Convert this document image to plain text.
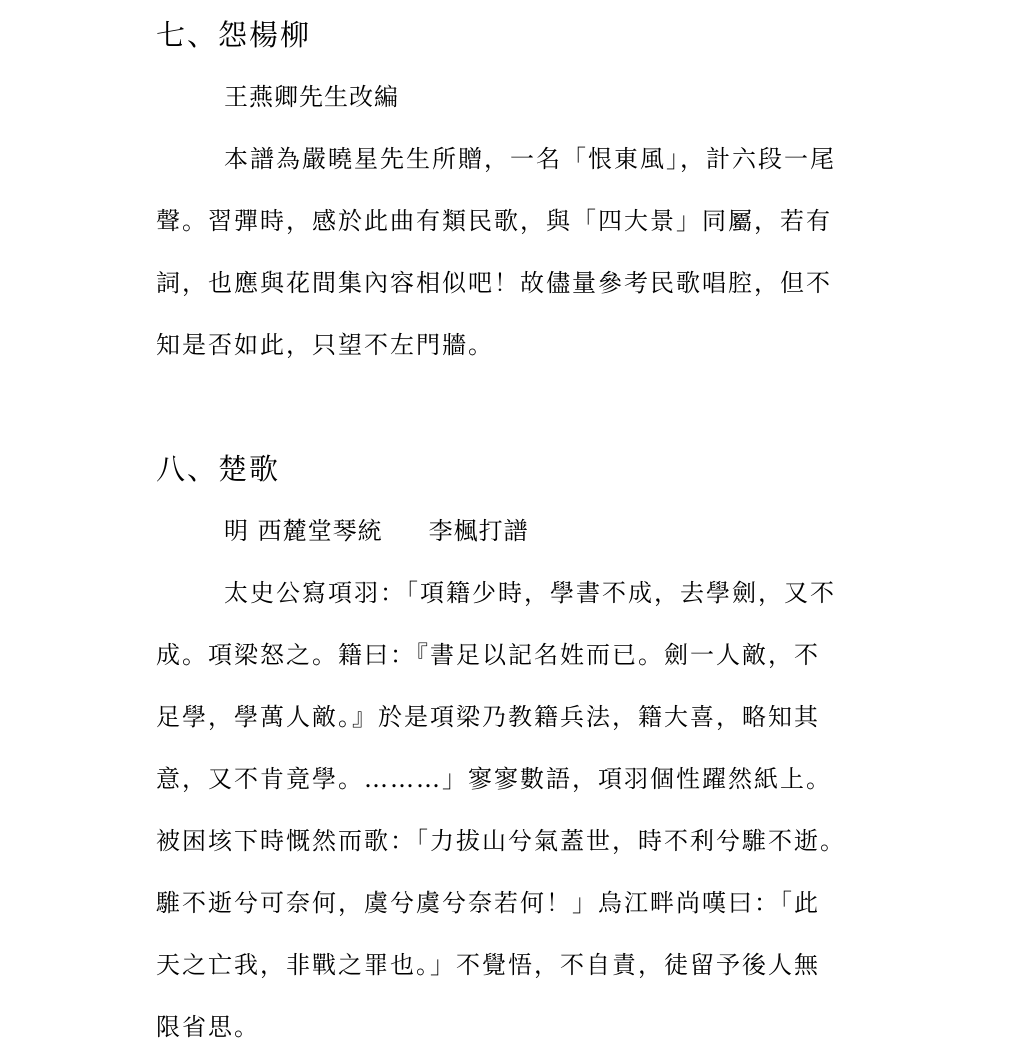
七、怨楊柳
王燕卿先生改編
本譜為嚴曉星先生所贈，一名「恨東風」，計六段一尾
聲。習彈時，感於此曲有類民歌，與「四大景」同屬，若有
詞，也應與花間集內容相似吧！故儘量參考民歌唱腔，但不
知是否如此，只望不左門牆。
八、楚歌
明 西麓堂琴統 李楓打譜
太史公寫項羽：「項籍少時，學書不成，去學劍，又不
成。項梁怒之。籍曰：『書足以記名姓而已。劍一人敵，不
足學，學萬人敵。』於是項梁乃教籍兵法，籍大喜，略知其
意，又不肯竟學。………」寥寥數語，項羽個性躍然紙上。
被困垓下時慨然而歌：「力拔山兮氣蓋世，時不利兮騅不逝。
騅不逝兮可奈何，虞兮虞兮奈若何！」烏江畔尚嘆曰：「此
天之亡我，非戰之罪也。」不覺悟，不自責，徒留予後人無
限省思。
